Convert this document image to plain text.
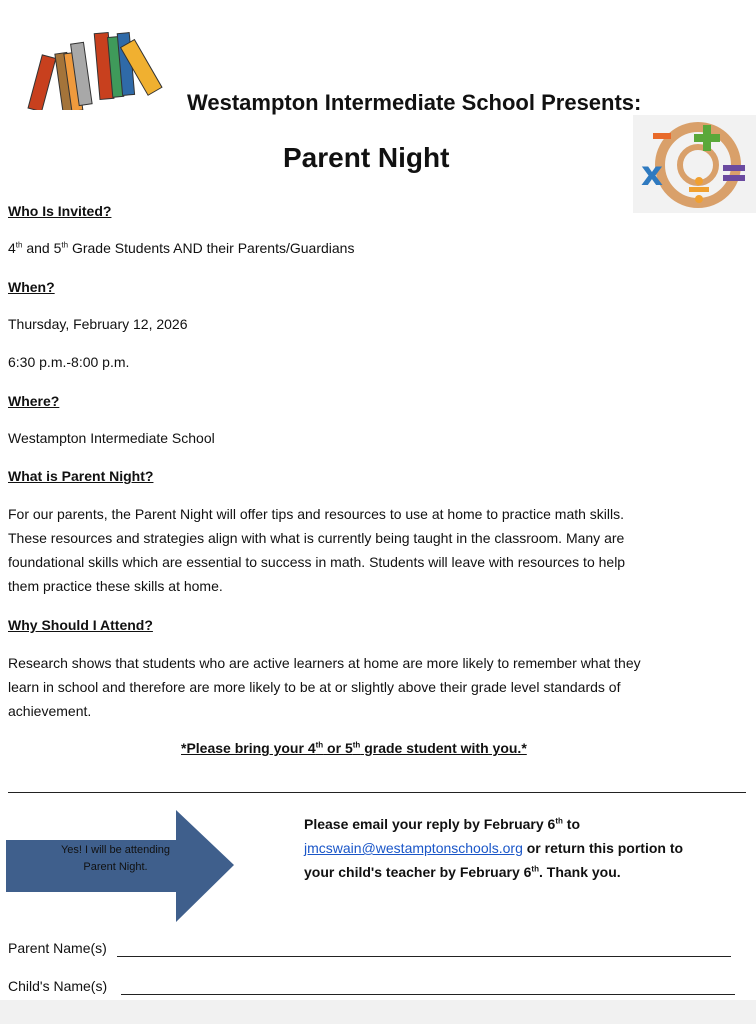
Westampton Intermediate School Presents:
Parent Night	x
Who Is Invited?
4th and 5th Grade Students AND their Parents/Guardians
When?
Thursday, February 12, 2026
6:30 p.m.-8:00 p.m.
Where?
Westampton Intermediate School
What is Parent Night?
For our parents, the Parent Night will offer tips and resources to use at home to practice math skills.
These resources and strategies align with what is currently being taught in the classroom. Many are
foundational skills which are essential to success in math. Students will leave with resources to help
them practice these skills at home.
Why Should I Attend?
Research shows that students who are active learners at home are more likely to remember what they
learn in school and therefore are more likely to be at or slightly above their grade level standards of
achievement.
*Please bring your 4th or 5th grade student with you.*
Yes! I will be attending
Parent Night.
Please email your reply by February 6th to
jmcswain@westamptonschools.org or return this portion to
your child's teacher by February 6th. Thank you.
Parent Name(s)
Child's Name(s)
